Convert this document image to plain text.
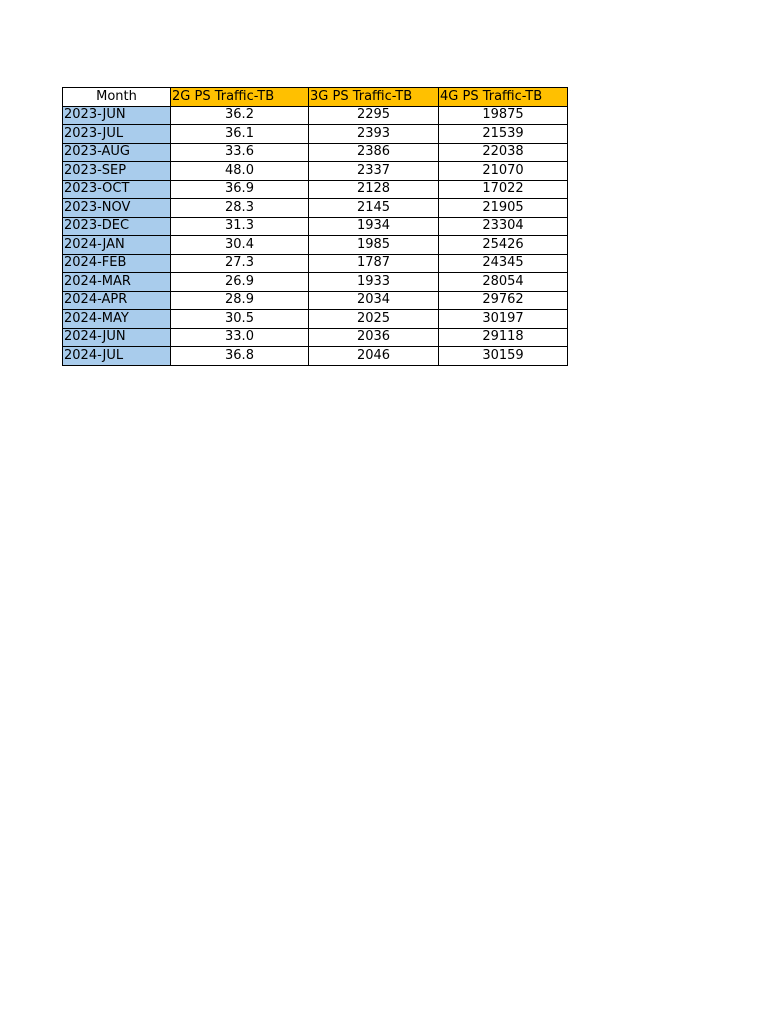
Month	2G PS Traffic-TB	3G PS Traffic-TB	4G PS Traffic-TB
2023-JUN	36.2	2295	19875
2023-JUL	36.1	2393	21539
2023-AUG	33.6	2386	22038
2023-SEP	48.0	2337	21070
2023-OCT	36.9	2128	17022
2023-NOV	28.3	2145	21905
2023-DEC	31.3	1934	23304
2024-JAN	30.4	1985	25426
2024-FEB	27.3	1787	24345
2024-MAR	26.9	1933	28054
2024-APR	28.9	2034	29762
2024-MAY	30.5	2025	30197
2024-JUN	33.0	2036	29118
2024-JUL	36.8	2046	30159
